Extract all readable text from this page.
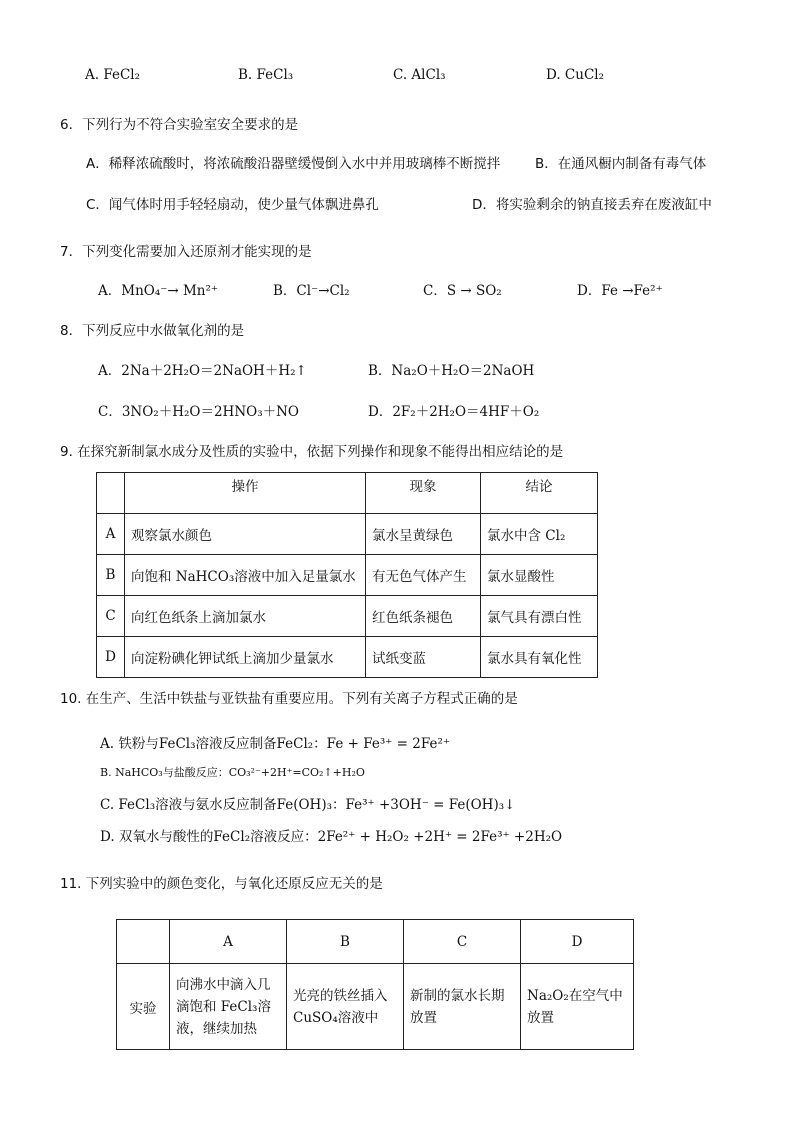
A. FeCl₂	B. FeCl₃	C. AlCl₃	D. CuCl₂
6．下列行为不符合实验室安全要求的是
A．稀释浓硫酸时，将浓硫酸沿器壁缓慢倒入水中并用玻璃棒不断搅拌	B．在通风橱内制备有毒气体
C．闻气体时用手轻轻扇动，使少量气体飘进鼻孔	D．将实验剩余的钠直接丢弃在废液缸中
7．下列变化需要加入还原剂才能实现的是
A．MnO₄⁻→ Mn²⁺	B．Cl⁻→Cl₂	C．S → SO₂	D．Fe →Fe²⁺
8．下列反应中水做氧化剂的是
A．2Na＋2H₂O＝2NaOH＋H₂↑	B．Na₂O＋H₂O＝2NaOH
C．3NO₂＋H₂O＝2HNO₃＋NO	D．2F₂＋2H₂O＝4HF＋O₂
9. 在探究新制氯水成分及性质的实验中，依据下列操作和现象不能得出相应结论的是
	操作	现象	结论
A	观察氯水颜色	氯水呈黄绿色	氯水中含 Cl₂
B	向饱和 NaHCO₃溶液中加入足量氯水	有无色气体产生	氯水显酸性
C	向红色纸条上滴加氯水	红色纸条褪色	氯气具有漂白性
D	向淀粉碘化钾试纸上滴加少量氯水	试纸变蓝	氯水具有氧化性
10. 在生产、生活中铁盐与亚铁盐有重要应用。下列有关离子方程式正确的是
A. 铁粉与FeCl₃溶液反应制备FeCl₂：Fe + Fe³⁺ = 2Fe²⁺
B. NaHCO₃与盐酸反应：CO₃²⁻+2H⁺=CO₂↑+H₂O
C. FeCl₃溶液与氨水反应制备Fe(OH)₃：Fe³⁺ +3OH⁻ = Fe(OH)₃↓
D. 双氧水与酸性的FeCl₂溶液反应：2Fe²⁺ + H₂O₂ +2H⁺ = 2Fe³⁺ +2H₂O
11. 下列实验中的颜色变化，与氧化还原反应无关的是
	A	B	C	D
实验	向沸水中滴入几滴饱和 FeCl₃溶液，继续加热	光亮的铁丝插入CuSO₄溶液中	新制的氯水长期放置	Na₂O₂在空气中放置
